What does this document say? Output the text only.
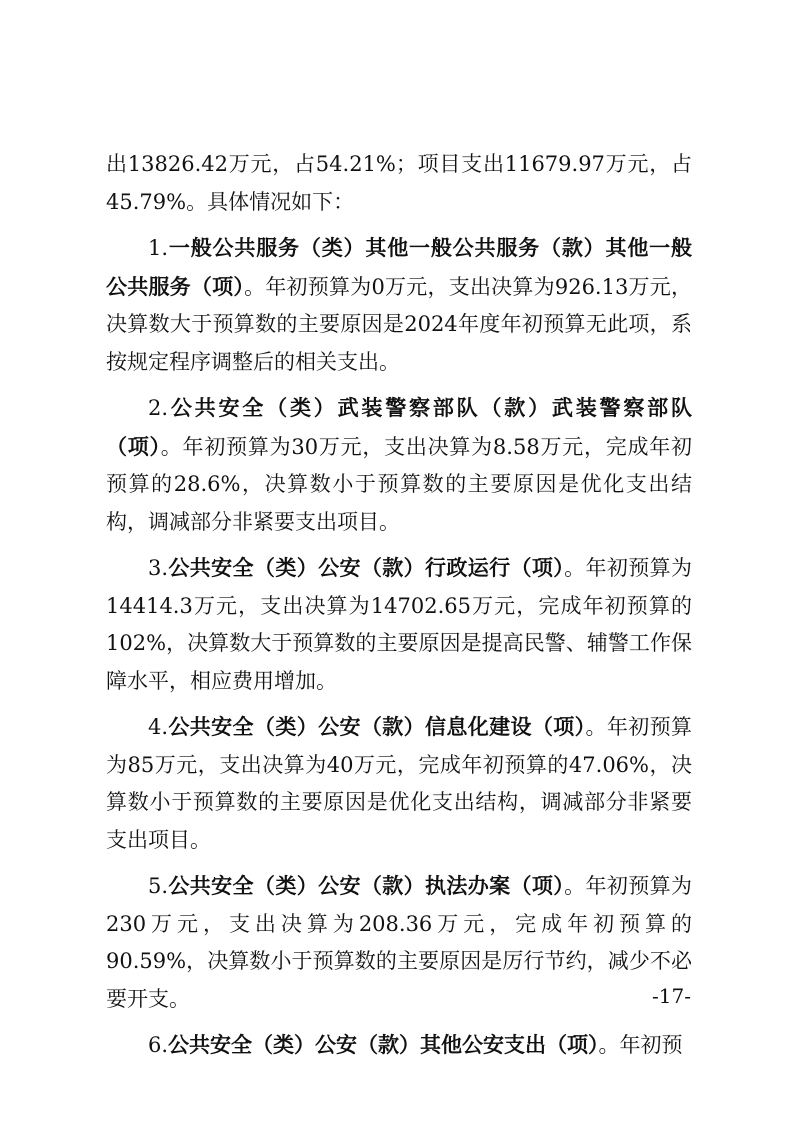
出13826.42万元，占54.21%；项目支出11679.97万元，占45.79%。具体情况如下：

1.一般公共服务（类）其他一般公共服务（款）其他一般公共服务（项）。年初预算为0万元，支出决算为926.13万元，决算数大于预算数的主要原因是2024年度年初预算无此项，系按规定程序调整后的相关支出。

2.公共安全（类）武装警察部队（款）武装警察部队（项）。年初预算为30万元，支出决算为8.58万元，完成年初预算的28.6%，决算数小于预算数的主要原因是优化支出结构，调减部分非紧要支出项目。

3.公共安全（类）公安（款）行政运行（项）。年初预算为14414.3万元，支出决算为14702.65万元，完成年初预算的102%，决算数大于预算数的主要原因是提高民警、辅警工作保障水平，相应费用增加。

4.公共安全（类）公安（款）信息化建设（项）。年初预算为85万元，支出决算为40万元，完成年初预算的47.06%，决算数小于预算数的主要原因是优化支出结构，调减部分非紧要支出项目。

5.公共安全（类）公安（款）执法办案（项）。年初预算为230万元，支出决算为208.36万元，完成年初预算的90.59%，决算数小于预算数的主要原因是厉行节约，减少不必要开支。

6.公共安全（类）公安（款）其他公安支出（项）。年初预

-17-
